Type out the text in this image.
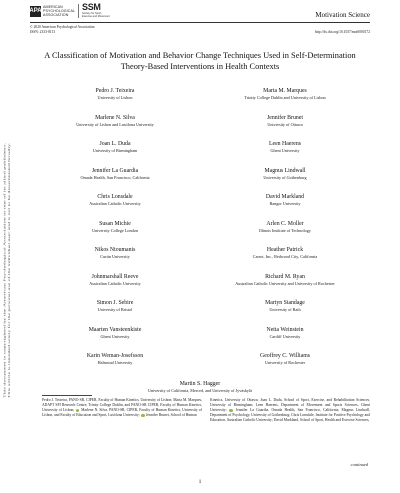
APA
AMERICAN PSYCHOLOGICAL ASSOCIATION
SSM
Society for Sport, Exercise and Movement	Motivation Science
© 2020 American Psychological Association
ISSN: 2333-8113	http://dx.doi.org/10.1037/mot0000172
A Classification of Motivation and Behavior Change Techniques Used in Self-Determination Theory-Based Interventions in Health Contexts
Pedro J. Teixeira
University of Lisbon
Marta M. Marques
Trinity College Dublin and University of Lisbon
Marlene N. Silva
University of Lisbon and Lusófona University
Jennifer Brunet
University of Ottawa
Joan L. Duda
University of Birmingham
Leen Haerens
Ghent University
Jennifer La Guardia
Omada Health, San Francisco, California
Magnus Lindwall
University of Gothenburg
Chris Lonsdale
Australian Catholic University
David Markland
Bangor University
Susan Michie
University College London
Arlen C. Moller
Illinois Institute of Technology
Nikos Ntoumanis
Curtin University
Heather Patrick
Carrot, Inc., Redwood City, California
Johnmarshall Reeve
Australian Catholic University
Richard M. Ryan
Australian Catholic University and University of Rochester
Simon J. Sebire
University of Bristol
Martyn Standage
University of Bath
Maarten Vansteenkiste
Ghent University
Netta Weinstein
Cardiff University
Karin Weman-Josefsson
Halmstad University
Geoffrey C. Williams
University of Rochester
Martin S. Hagger
University of California, Merced, and University of Jyväskylä
This document is copyrighted by the American Psychological Association or one of its allied publishers. This article is intended solely for the personal use of the individual user and is not to be disseminated broadly.
Pedro J. Teixeira, PANO-SR, CIPER, Faculty of Human Kinetics, University of Lisbon; Marta M. Marques, ADAPT SFI Research Centre, Trinity College Dublin, and PANO-SR CIPER, Faculty of Human Kinetics, University of Lisbon; Marlene N. Silva, PANO-SR, CIPER, Faculty of Human Kinetics, University of Lisbon, and Faculty of Education and Sport, Lusófona University; Jennifer Brunet, School of Human
Kinetics, University of Ottawa; Joan L. Duda, School of Sport, Exercise, and Rehabilitation Sciences, University of Birmingham; Leen Haerens, Department of Movement and Sports Sciences, Ghent University; Jennifer La Guardia, Omada Health, San Francisco, California; Magnus Lindwall, Department of Psychology, University of Gothenburg; Chris Lonsdale, Institute for Positive Psychology and Education, Australian Catholic University; David Markland, School of Sport, Health and Exercise Sciences,
continued
1
